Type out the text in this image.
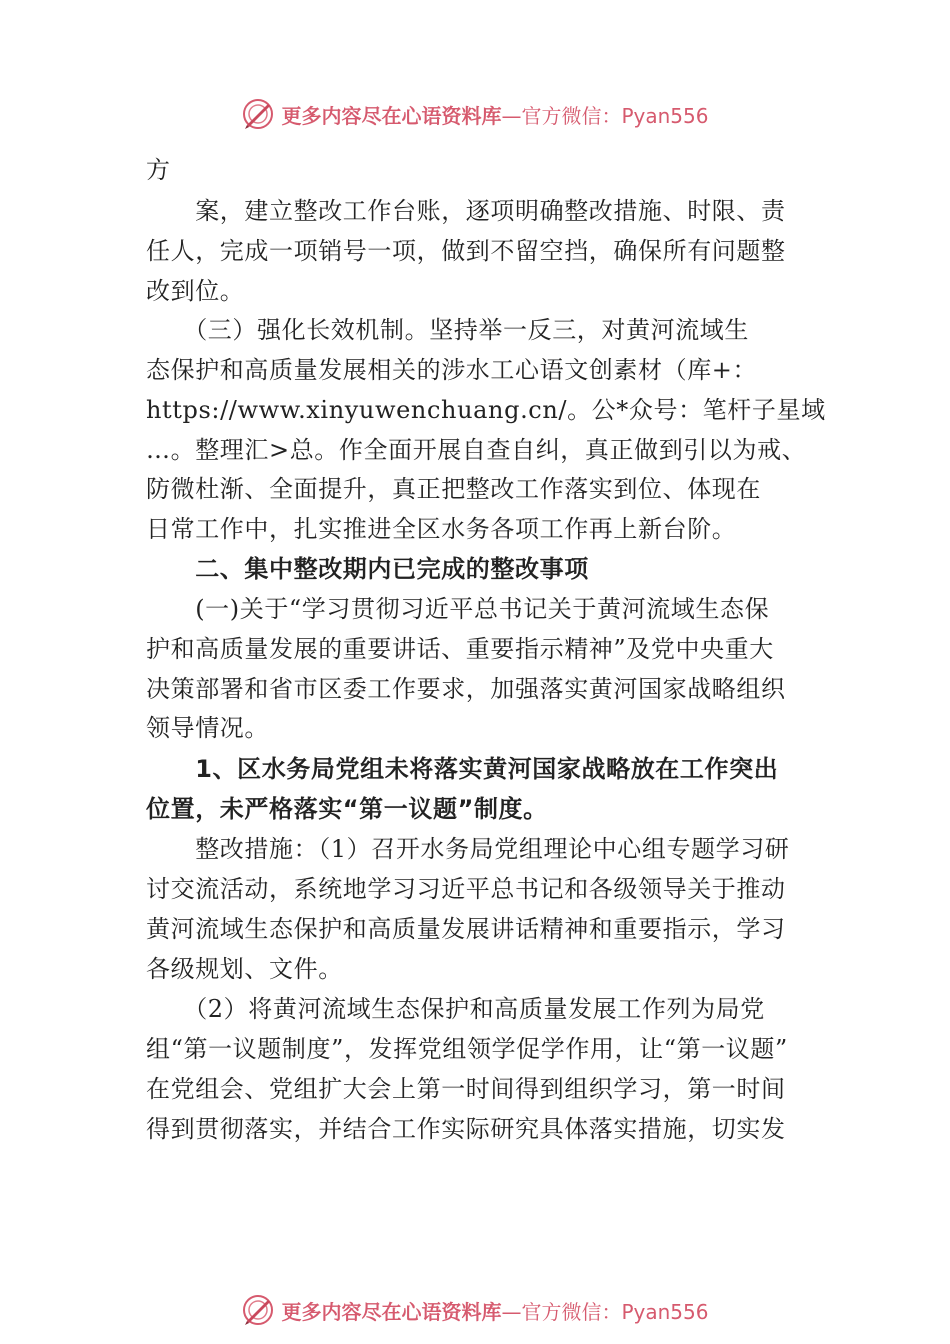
更多内容尽在心语资料库 —官方微信：Pyan556

方

　　案，建立整改工作台账，逐项明确整改措施、时限、责

任人，完成一项销号一项，做到不留空挡，确保所有问题整

改到位。

　　（三）强化长效机制。坚持举一反三，对黄河流域生

态保护和高质量发展相关的涉水工心语文创素材（库+：

https://www.xinyuwenchuang.cn/。公*众号：笔杆子星域

…。整理汇>总。作全面开展自查自纠，真正做到引以为戒、

防微杜渐、全面提升，真正把整改工作落实到位、体现在

日常工作中，扎实推进全区水务各项工作再上新台阶。

　　二、集中整改期内已完成的整改事项

　　(一)关于“学习贯彻习近平总书记关于黄河流域生态保

护和高质量发展的重要讲话、重要指示精神”及党中央重大

决策部署和省市区委工作要求，加强落实黄河国家战略组织

领导情况。

　　1、区水务局党组未将落实黄河国家战略放在工作突出

位置，未严格落实“第一议题”制度。

　　整改措施：（1）召开水务局党组理论中心组专题学习研

讨交流活动，系统地学习习近平总书记和各级领导关于推动

黄河流域生态保护和高质量发展讲话精神和重要指示，学习

各级规划、文件。

　　（2）将黄河流域生态保护和高质量发展工作列为局党

组“第一议题制度”，发挥党组领学促学作用，让“第一议题”

在党组会、党组扩大会上第一时间得到组织学习，第一时间

得到贯彻落实，并结合工作实际研究具体落实措施，切实发

更多内容尽在心语资料库 —官方微信：Pyan556
